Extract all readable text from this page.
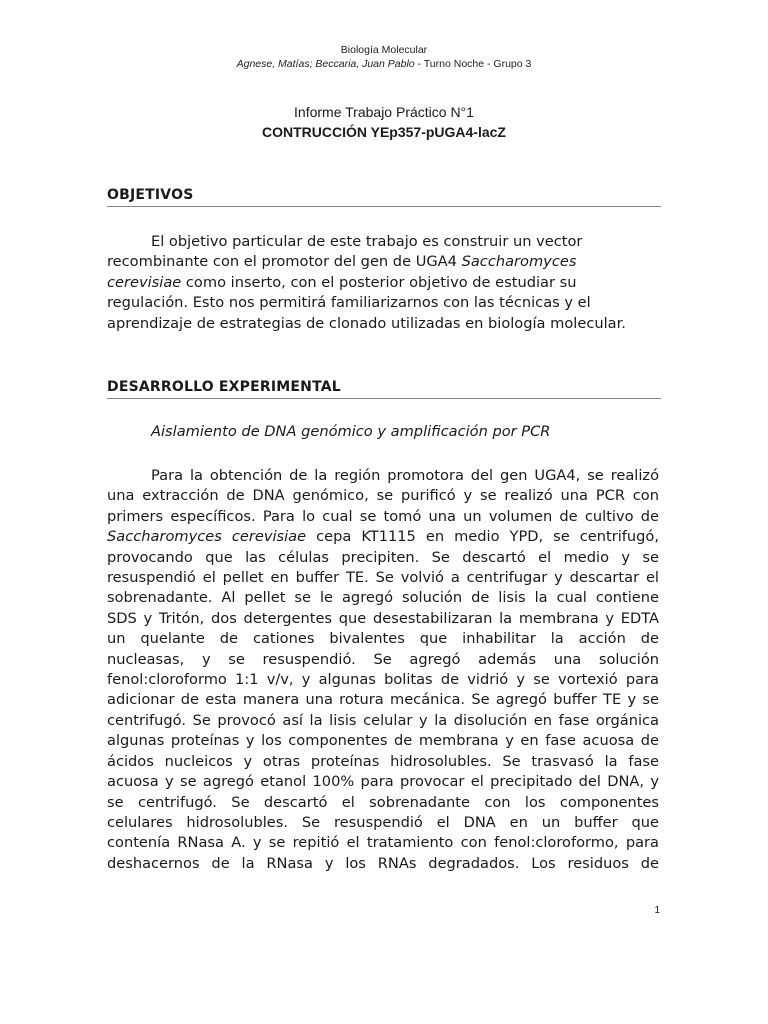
Biología Molecular
Agnese, Matías; Beccaria, Juan Pablo - Turno Noche - Grupo 3
Informe Trabajo Práctico N°1
CONTRUCCIÓN YEp357-pUGA4-lacZ
OBJETIVOS
El objetivo particular de este trabajo es construir un vector
recombinante con el promotor del gen de UGA4 Saccharomyces
cerevisiae como inserto, con el posterior objetivo de estudiar su
regulación. Esto nos permitirá familiarizarnos con las técnicas y el
aprendizaje de estrategias de clonado utilizadas en biología molecular.
DESARROLLO EXPERIMENTAL
Aislamiento de DNA genómico y amplificación por PCR
Para la obtención de la región promotora del gen UGA4, se realizó
una extracción de DNA genómico, se purificó y se realizó una PCR con
primers específicos. Para lo cual se tomó una un volumen de cultivo de
Saccharomyces cerevisiae cepa KT1115 en medio YPD, se centrifugó,
provocando que las células precipiten. Se descartó el medio y se
resuspendió el pellet en buffer TE. Se volvió a centrifugar y descartar el
sobrenadante. Al pellet se le agregó solución de lisis la cual contiene
SDS y Tritón, dos detergentes que desestabilizaran la membrana y EDTA
un quelante de cationes bivalentes que inhabilitar la acción de
nucleasas, y se resuspendió. Se agregó además una solución
fenol:cloroformo 1:1 v/v, y algunas bolitas de vidrió y se vortexió para
adicionar de esta manera una rotura mecánica. Se agregó buffer TE y se
centrifugó. Se provocó así la lisis celular y la disolución en fase orgánica
algunas proteínas y los componentes de membrana y en fase acuosa de
ácidos nucleicos y otras proteínas hidrosolubles. Se trasvasó la fase
acuosa y se agregó etanol 100% para provocar el precipitado del DNA, y
se centrifugó. Se descartó el sobrenadante con los componentes
celulares hidrosolubles. Se resuspendió el DNA en un buffer que
contenía RNasa A. y se repitió el tratamiento con fenol:cloroformo, para
deshacernos de la RNasa y los RNAs degradados. Los residuos de
1
